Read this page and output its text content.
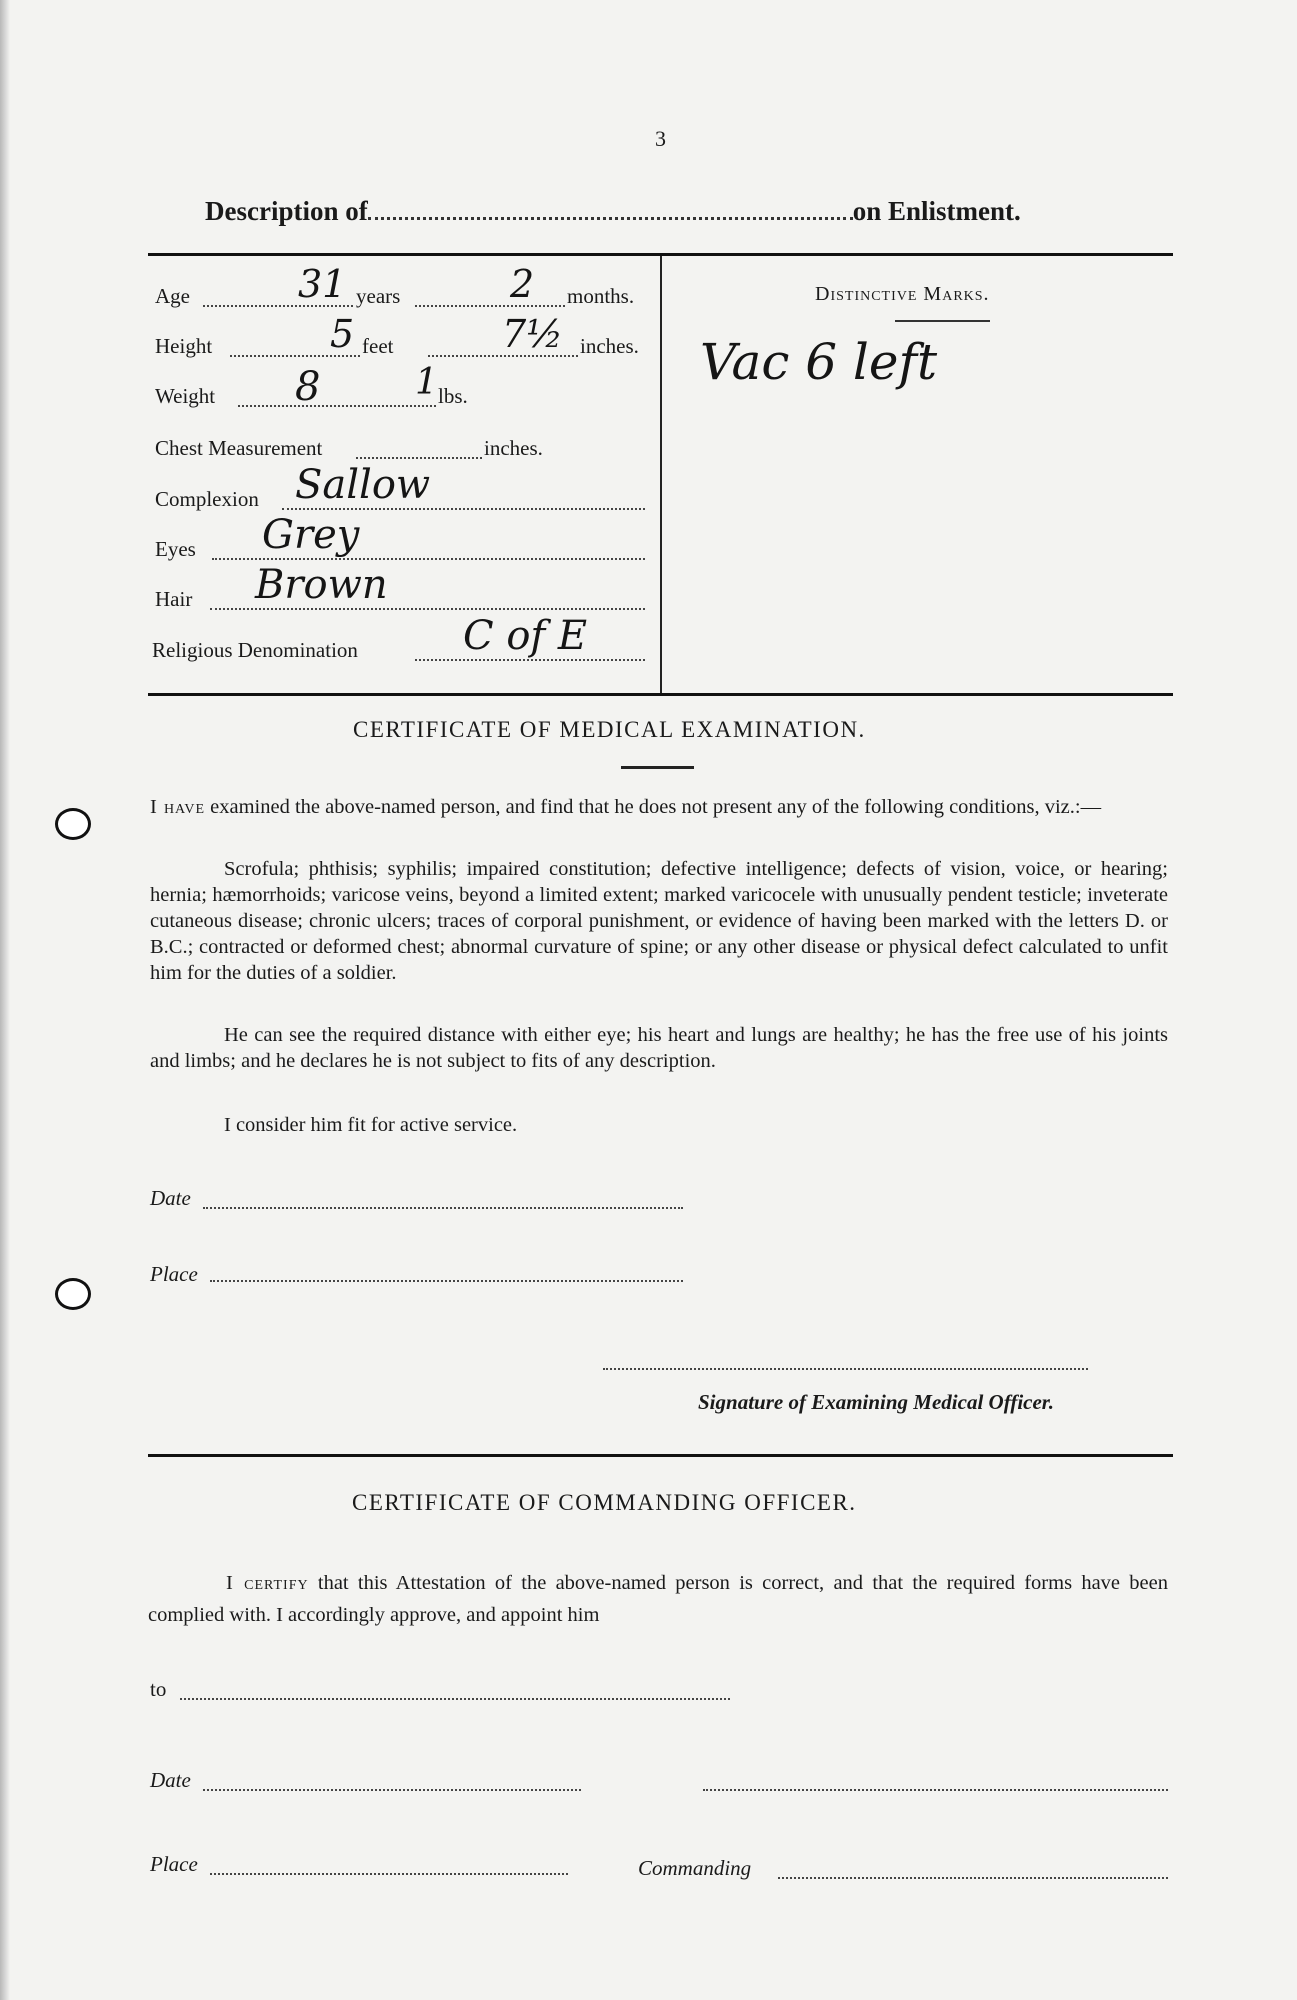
3
Description of	on Enlistment.
Age	31 years	2 months.
Height	5 feet	7½ inches.
Weight 8	1 lbs.
Chest Measurement	inches.
Complexion Sallow
Eyes Grey
Hair Brown
Religious Denomination	C of E
Distinctive Marks.
Vac 6 left
CERTIFICATE OF MEDICAL EXAMINATION.
I have examined the above-named person, and find that he does not present any of the following conditions, viz.:—
Scrofula; phthisis; syphilis; impaired constitution; defective intelligence; defects of vision, voice, or hearing; hernia; hæmorrhoids; varicose veins, beyond a limited extent; marked varicocele with unusually pendent testicle; inveterate cutaneous disease; chronic ulcers; traces of corporal punishment, or evidence of having been marked with the letters D. or B.C.; contracted or deformed chest; abnormal curvature of spine; or any other disease or physical defect calculated to unfit him for the duties of a soldier.
He can see the required distance with either eye; his heart and lungs are healthy; he has the free use of his joints and limbs; and he declares he is not subject to fits of any description.
I consider him fit for active service.
Date
Place
Signature of Examining Medical Officer.
CERTIFICATE OF COMMANDING OFFICER.
I certify that this Attestation of the above-named person is correct, and that the required forms have been complied with. I accordingly approve, and appoint him
to
Date
Place	Commanding
